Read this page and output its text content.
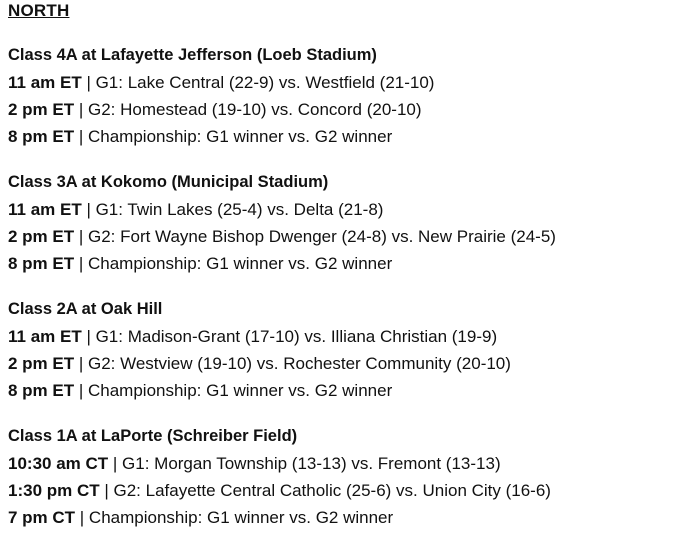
NORTH
Class 4A at Lafayette Jefferson (Loeb Stadium)
11 am ET | G1: Lake Central (22-9) vs. Westfield (21-10)
2 pm ET | G2: Homestead (19-10) vs. Concord (20-10)
8 pm ET | Championship: G1 winner vs. G2 winner
Class 3A at Kokomo (Municipal Stadium)
11 am ET | G1: Twin Lakes (25-4) vs. Delta (21-8)
2 pm ET | G2: Fort Wayne Bishop Dwenger (24-8) vs. New Prairie (24-5)
8 pm ET | Championship: G1 winner vs. G2 winner
Class 2A at Oak Hill
11 am ET | G1: Madison-Grant (17-10) vs. Illiana Christian (19-9)
2 pm ET | G2: Westview (19-10) vs. Rochester Community (20-10)
8 pm ET | Championship: G1 winner vs. G2 winner
Class 1A at LaPorte (Schreiber Field)
10:30 am CT | G1: Morgan Township (13-13) vs. Fremont (13-13)
1:30 pm CT | G2: Lafayette Central Catholic (25-6) vs. Union City (16-6)
7 pm CT | Championship: G1 winner vs. G2 winner
